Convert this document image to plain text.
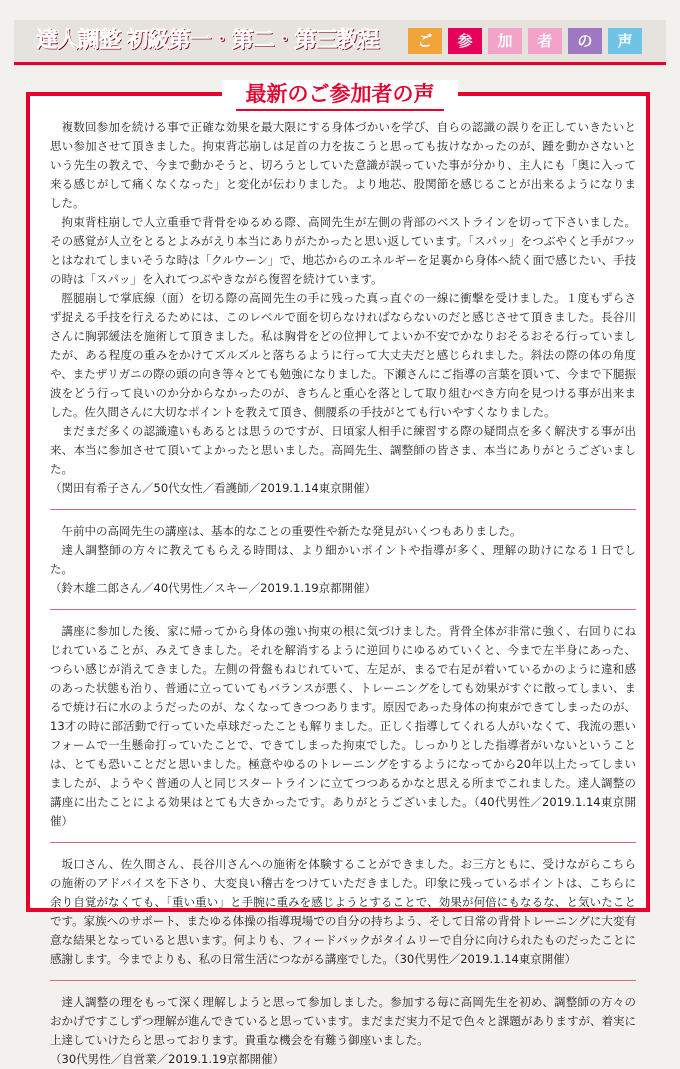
達人調整 初級第一・第二・第三教程	ご	参	加	者	の	声
最新のご参加者の声

複数回参加を続ける事で正確な効果を最大限にする身体づかいを学び、自らの認識の誤りを正していきたいと思い参加させて頂きました。拘束背芯崩しは足首の力を抜こうと思っても抜けなかったのが、踵を動かさないという先生の教えで、今まで動かそうと、切ろうとしていた意識が誤っていた事が分かり、主人にも「奥に入って来る感じがして痛くなくなった」と変化が伝わりました。より地芯、股関節を感じることが出来るようになりました。

拘束背柱崩しで人立重垂で背骨をゆるめる際、高岡先生が左側の背部のベストラインを切って下さいました。その感覚が人立をとるとよみがえり本当にありがたかったと思い返しています。「スパッ」をつぶやくと手がフッとはなれてしまいそうな時は「クルウーン」で、地芯からのエネルギーを足裏から身体へ続く面で感じたい、手技の時は「スパッ」を入れてつぶやきながら復習を続けています。

脛腿崩しで掌底線（面）を切る際の高岡先生の手に残った真っ直ぐの一線に衝撃を受けました。１度もずらさず捉える手技を行えるためには、このレベルで面を切らなければならないのだと感じさせて頂きました。長谷川さんに胸郭緩法を施術して頂きました。私は胸骨をどの位押してよいか不安でかなりおそるおそる行っていましたが、ある程度の重みをかけてズルズルと落ちるように行って大丈夫だと感じられました。斜法の際の体の角度や、またザリガニの際の頭の向き等々とても勉強になりました。下瀬さんにご指導の言葉を頂いて、今まで下腿振波をどう行って良いのか分からなかったのが、きちんと重心を落として取り組むべき方向を見つける事が出来ました。佐久間さんに大切なポイントを教えて頂き、側腰系の手技がとても行いやすくなりました。

まだまだ多くの認識違いもあるとは思うのですが、日頃家人相手に練習する際の疑問点を多く解決する事が出来、本当に参加させて頂いてよかったと思いました。高岡先生、調整師の皆さま、本当にありがとうございました。

（関田有希子さん／50代女性／看護師／2019.1.14東京開催）

午前中の高岡先生の講座は、基本的なことの重要性や新たな発見がいくつもありました。

達人調整師の方々に教えてもらえる時間は、より細かいポイントや指導が多く、理解の助けになる１日でした。

（鈴木雄二郎さん／40代男性／スキー／2019.1.19京都開催）

講座に参加した後、家に帰ってから身体の強い拘束の根に気づけました。背骨全体が非常に強く、右回りにねじれていることが、みえてきました。それを解消するように逆回りにゆるめていくと、今まで左半身にあった、つらい感じが消えてきました。左側の骨盤もねじれていて、左足が、まるで右足が着いているかのように違和感のあった状態も治り、普通に立っていてもバランスが悪く、トレーニングをしても効果がすぐに散ってしまい、まるで焼け石に水のようだったのが、なくなってきつつあります。原因であった身体の拘束ができてしまったのが、13才の時に部活動で行っていた卓球だったことも解りました。正しく指導してくれる人がいなくて、我流の悪いフォームで一生懸命打っていたことで、できてしまった拘束でした。しっかりとした指導者がいないということは、とても恐いことだと思いました。極意やゆるのトレーニングをするようになってから20年以上たってしまいましたが、ようやく普通の人と同じスタートラインに立てつつあるかなと思える所までこれました。達人調整の講座に出たことによる効果はとても大きかったです。ありがとうございました。（40代男性／2019.1.14東京開催）

坂口さん、佐久間さん、長谷川さんへの施術を体験することができました。お三方ともに、受けながらこちらの施術のアドバイスを下さり、大変良い稽古をつけていただきました。印象に残っているポイントは、こちらに余り自覚がなくても、「重い重い」と手腕に重みを感じようとすることで、効果が何倍にもなるな、と気いたことです。家族へのサポート、またゆる体操の指導現場での自分の持ちよう、そして日常の背骨トレーニングに大変有意な結果となっていると思います。何よりも、フィードバックがタイムリーで自分に向けられたものだったことに感謝します。今までよりも、私の日常生活につながる講座でした。（30代男性／2019.1.14東京開催）

達人調整の理をもって深く理解しようと思って参加しました。参加する毎に高岡先生を初め、調整師の方々のおかげですこしずつ理解が進んできていると思っています。まだまだ実力不足で色々と課題がありますが、着実に上達していけたらと思っております。貴重な機会を有難う御座いました。

（30代男性／自営業／2019.1.19京都開催）
